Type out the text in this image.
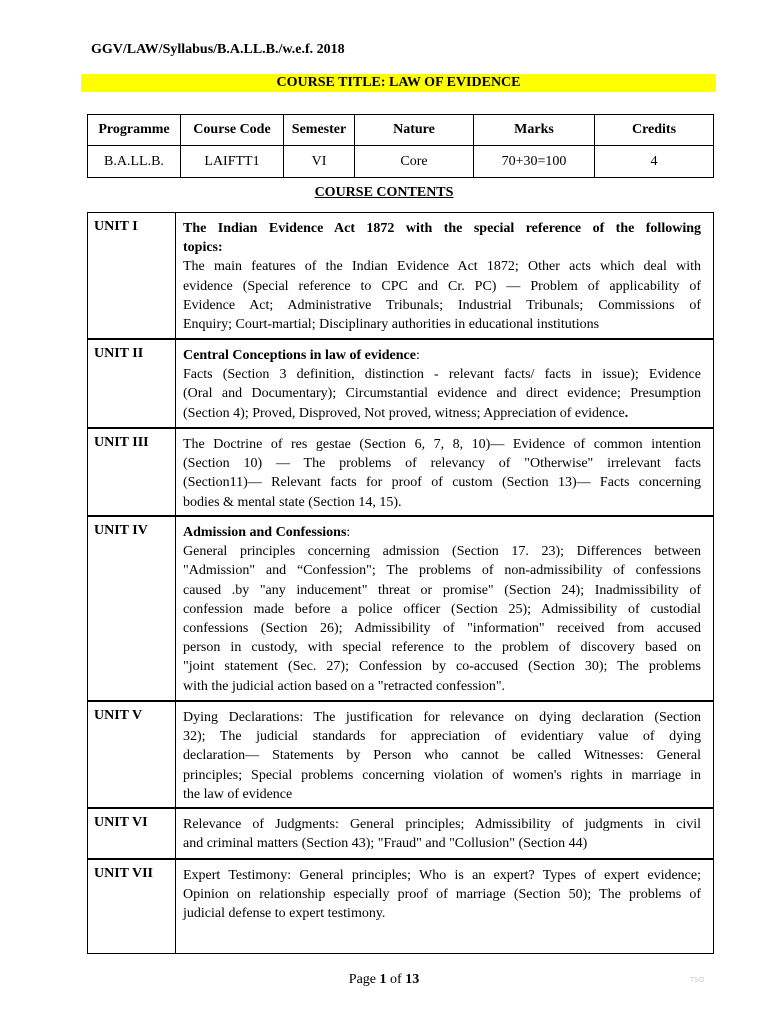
GGV/LAW/Syllabus/B.A.LL.B./w.e.f. 2018
COURSE TITLE: LAW OF EVIDENCE
Programme	Course Code	Semester	Nature	Marks	Credits
B.A.LL.B.	LAIFTT1	VI	Core	70+30=100	4
COURSE CONTENTS
UNIT I	The Indian Evidence Act 1872 with the special reference of the following
topics:
The main features of the Indian Evidence Act 1872; Other acts which deal with
evidence (Special reference to CPC and Cr. PC) — Problem of applicability of
Evidence Act; Administrative Tribunals; Industrial Tribunals; Commissions of
Enquiry; Court-martial; Disciplinary authorities in educational institutions
UNIT II	Central Conceptions in law of evidence:
Facts (Section 3 definition, distinction - relevant facts/ facts in issue); Evidence
(Oral and Documentary); Circumstantial evidence and direct evidence; Presumption
(Section 4); Proved, Disproved, Not proved, witness; Appreciation of evidence.
UNIT III The Doctrine of res gestae (Section 6, 7, 8, 10)— Evidence of common intention
(Section 10) — The problems of relevancy of "Otherwise" irrelevant facts
(Section11)— Relevant facts for proof of custom (Section 13)— Facts concerning
bodies & mental state (Section 14, 15).
UNIT IV	Admission and Confessions:
General principles concerning admission (Section 17. 23); Differences between
"Admission" and “Confession"; The problems of non-admissibility of confessions
caused .by "any inducement" threat or promise" (Section 24); Inadmissibility of
confession made before a police officer (Section 25); Admissibility of custodial
confessions (Section 26); Admissibility of "information" received from accused
person in custody, with special reference to the problem of discovery based on
"joint statement (Sec. 27); Confession by co-accused (Section 30); The problems
with the judicial action based on a "retracted confession".
UNIT V	Dying Declarations: The justification for relevance on dying declaration (Section
32); The judicial standards for appreciation of evidentiary value of dying
declaration— Statements by Person who cannot be called Witnesses: General
principles; Special problems concerning violation of women's rights in marriage in
the law of evidence
UNIT VI	Relevance of Judgments: General principles; Admissibility of judgments in civil
and criminal matters (Section 43); "Fraud" and "Collusion" (Section 44)
UNIT VII Expert Testimony: General principles; Who is an expert? Types of expert evidence;
Opinion on relationship especially proof of marriage (Section 50); The problems of
judicial defense to expert testimony.
Page 1 of 13	TSO
